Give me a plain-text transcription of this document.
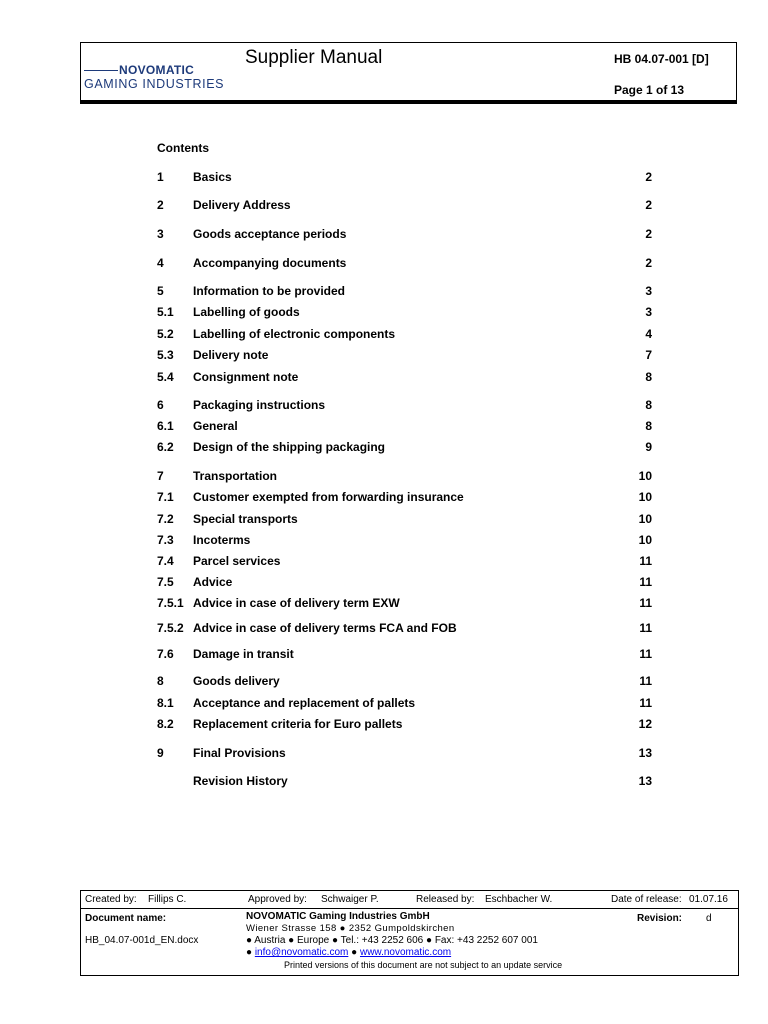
NOVOMATIC
GAMING INDUSTRIES
Supplier Manual	HB 04.07-001 [D]
Page 1 of 13
Contents
1 Basics	2
2 Delivery Address	2
3 Goods acceptance periods	2
4 Accompanying documents	2
5 Information to be provided	3
5.1 Labelling of goods	3
5.2 Labelling of electronic components	4
5.3 Delivery note	7
5.4 Consignment note	8
6 Packaging instructions	8
6.1 General	8
6.2 Design of the shipping packaging	9
7 Transportation	10
7.1 Customer exempted from forwarding insurance	10
7.2 Special transports	10
7.3 Incoterms	10
7.4 Parcel services	11
7.5 Advice	11
7.5.1 Advice in case of delivery term EXW	11
7.5.2 Advice in case of delivery terms FCA and FOB	11
7.6 Damage in transit	11
8 Goods delivery	11
8.1 Acceptance and replacement of pallets	11
8.2 Replacement criteria for Euro pallets	12
9 Final Provisions	13
Revision History	13
Created by: Fillips C.	Approved by: Schwaiger P.	Released by: Eschbacher W.	Date of release: 01.07.16
Document name:
HB_04.07-001d_EN.docx
NOVOMATIC Gaming Industries GmbH
Wiener Strasse 158 ● 2352 Gumpoldskirchen
● Austria ● Europe ● Tel.: +43 2252 606 ● Fax: +43 2252 607 001
● info@novomatic.com ● www.novomatic.com
Printed versions of this document are not subject to an update service
Revision: d
